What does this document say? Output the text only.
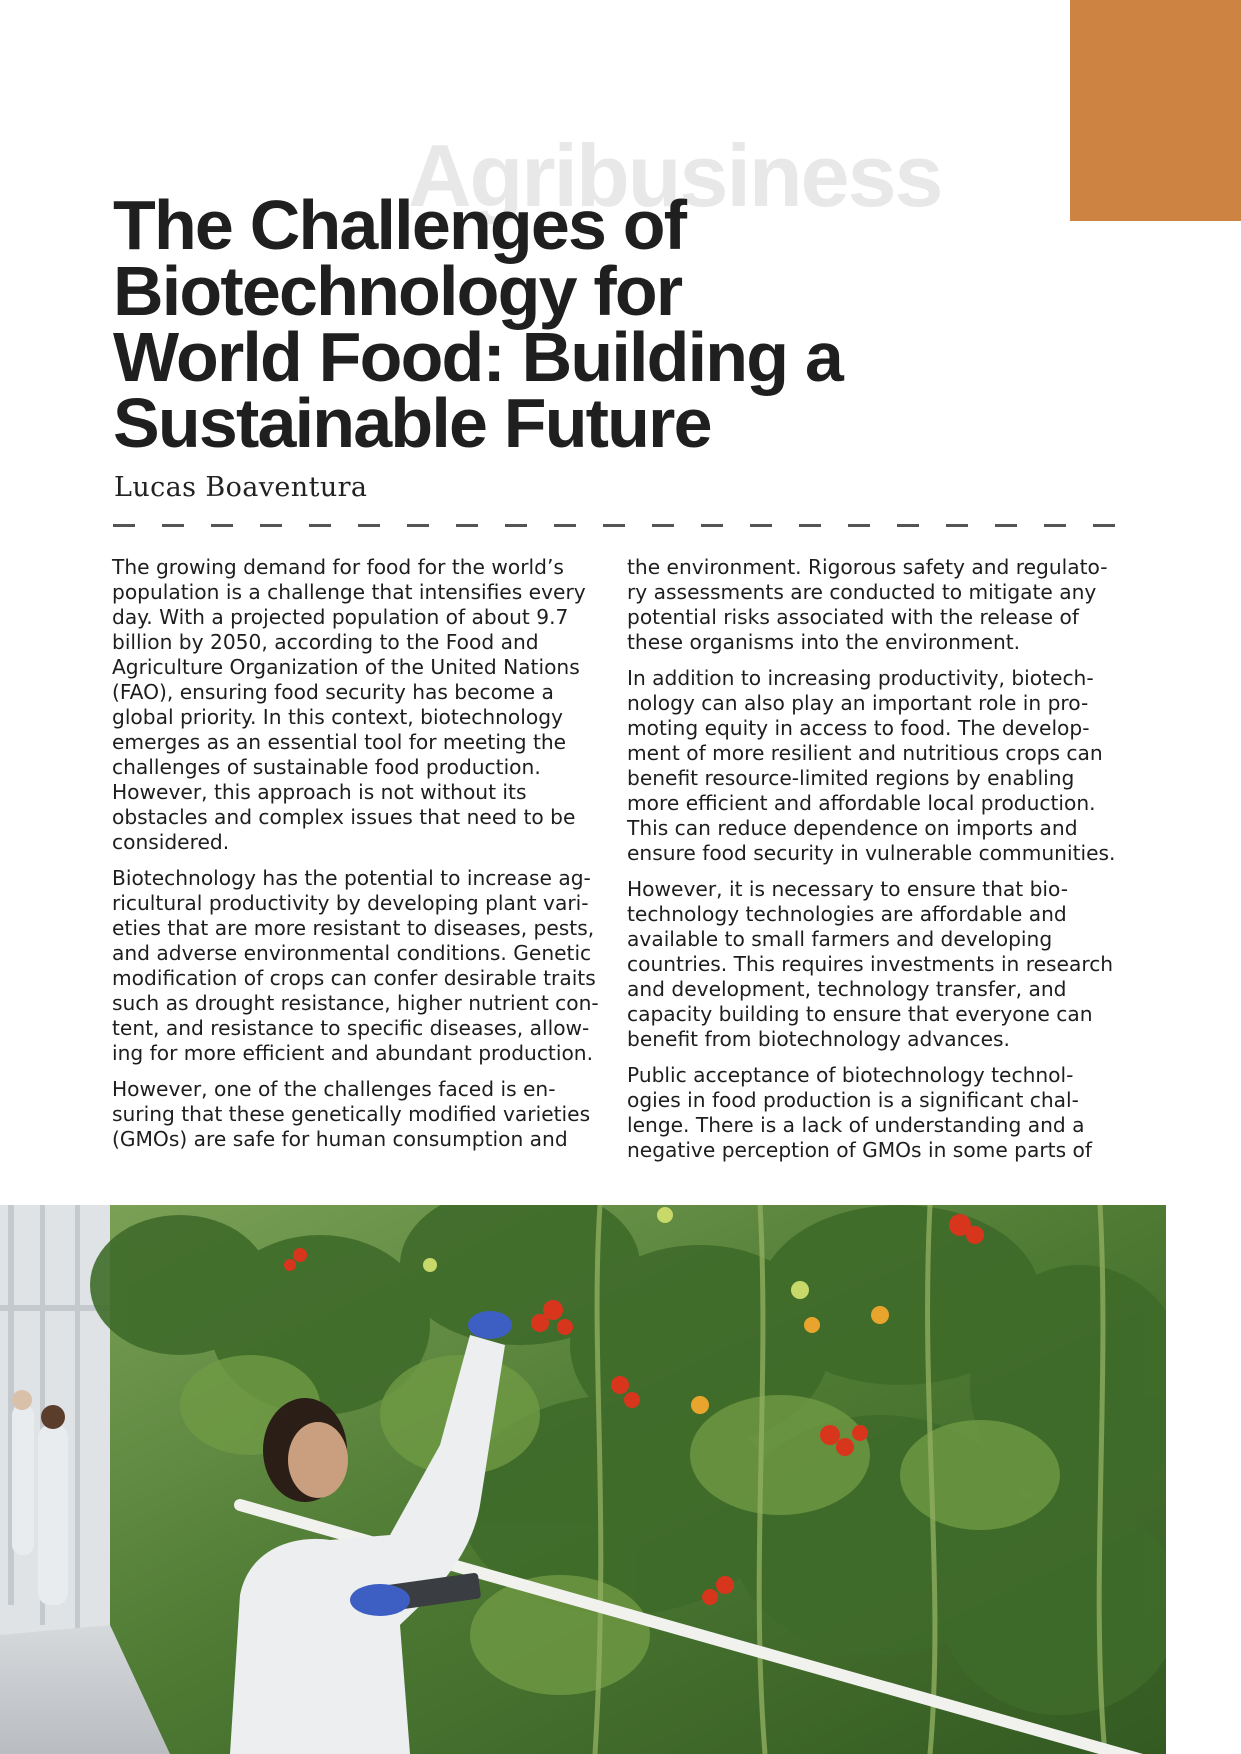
Agribusiness
The Challenges of
Biotechnology for
World Food: Building a
Sustainable Future
Lucas Boaventura

The growing demand for food for the world’s
population is a challenge that intensifies every
day. With a projected population of about 9.7
billion by 2050, according to the Food and
Agriculture Organization of the United Nations
(FAO), ensuring food security has become a
global priority. In this context, biotechnology
emerges as an essential tool for meeting the
challenges of sustainable food production.
However, this approach is not without its
obstacles and complex issues that need to be
considered.

Biotechnology has the potential to increase ag-
ricultural productivity by developing plant vari-
eties that are more resistant to diseases, pests,
and adverse environmental conditions. Genetic
modification of crops can confer desirable traits
such as drought resistance, higher nutrient con-
tent, and resistance to specific diseases, allow-
ing for more efficient and abundant production.

However, one of the challenges faced is en-
suring that these genetically modified varieties
(GMOs) are safe for human consumption and

the environment. Rigorous safety and regulato-
ry assessments are conducted to mitigate any
potential risks associated with the release of
these organisms into the environment.

In addition to increasing productivity, biotech-
nology can also play an important role in pro-
moting equity in access to food. The develop-
ment of more resilient and nutritious crops can
benefit resource-limited regions by enabling
more efficient and affordable local production.
This can reduce dependence on imports and
ensure food security in vulnerable communities.

However, it is necessary to ensure that bio-
technology technologies are affordable and
available to small farmers and developing
countries. This requires investments in research
and development, technology transfer, and
capacity building to ensure that everyone can
benefit from biotechnology advances.

Public acceptance of biotechnology technol-
ogies in food production is a significant chal-
lenge. There is a lack of understanding and a
negative perception of GMOs in some parts of
